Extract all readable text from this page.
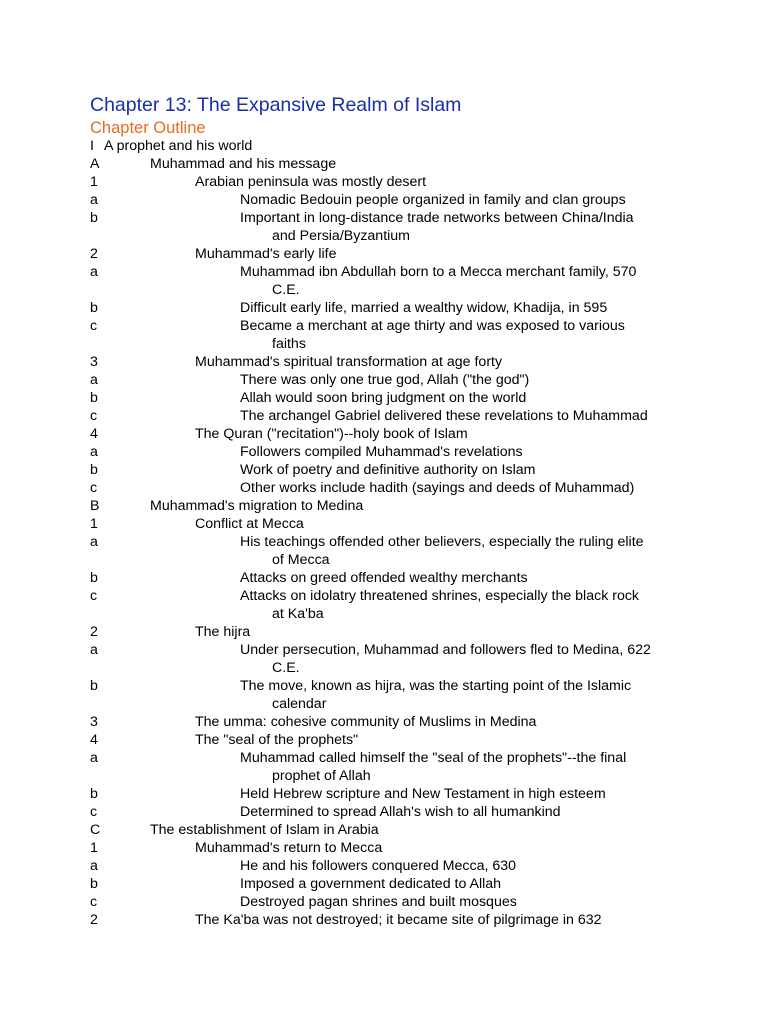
Chapter 13: The Expansive Realm of Islam
Chapter Outline
I A prophet and his world
A	Muhammad and his message
1	Arabian peninsula was mostly desert
a	Nomadic Bedouin people organized in family and clan groups
b	Important in long-distance trade networks between China/India
and Persia/Byzantium
2	Muhammad's early life
a	Muhammad ibn Abdullah born to a Mecca merchant family, 570
C.E.
b	Difficult early life, married a wealthy widow, Khadija, in 595
c	Became a merchant at age thirty and was exposed to various
faiths
3	Muhammad's spiritual transformation at age forty
a	There was only one true god, Allah ("the god")
b	Allah would soon bring judgment on the world
c	The archangel Gabriel delivered these revelations to Muhammad
4	The Quran ("recitation")--holy book of Islam
a	Followers compiled Muhammad's revelations
b	Work of poetry and definitive authority on Islam
c	Other works include hadith (sayings and deeds of Muhammad)
B	Muhammad's migration to Medina
1	Conflict at Mecca
a	His teachings offended other believers, especially the ruling elite
of Mecca
b	Attacks on greed offended wealthy merchants
c	Attacks on idolatry threatened shrines, especially the black rock
at Ka'ba
2	The hijra
a	Under persecution, Muhammad and followers fled to Medina, 622
C.E.
b	The move, known as hijra, was the starting point of the Islamic
calendar
3	The umma: cohesive community of Muslims in Medina
4	The "seal of the prophets"
a	Muhammad called himself the "seal of the prophets"--the final
prophet of Allah
b	Held Hebrew scripture and New Testament in high esteem
c	Determined to spread Allah's wish to all humankind
C	The establishment of Islam in Arabia
1	Muhammad's return to Mecca
a	He and his followers conquered Mecca, 630
b	Imposed a government dedicated to Allah
c	Destroyed pagan shrines and built mosques
2	The Ka'ba was not destroyed; it became site of pilgrimage in 632
